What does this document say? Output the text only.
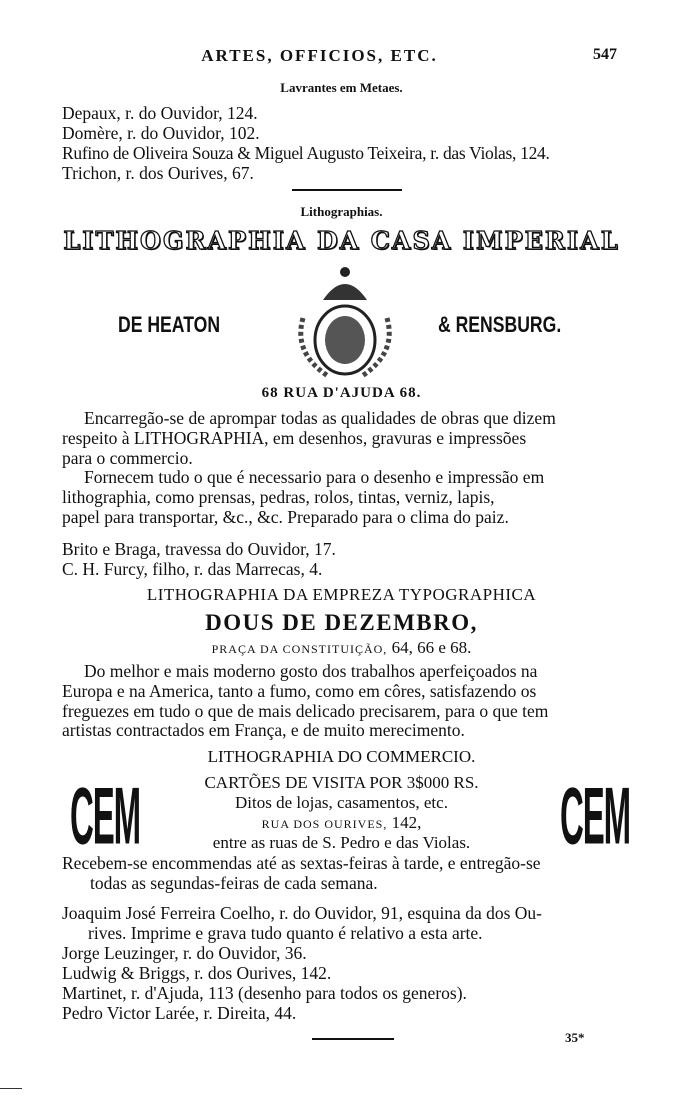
ARTES, OFFICIOS, ETC.	547
Lavrantes em Metaes.
Depaux, r. do Ouvidor, 124.
Domère, r. do Ouvidor, 102.
Rufino de Oliveira Souza & Miguel Augusto Teixeira, r. das Violas, 124.
Trichon, r. dos Ourives, 67.
Lithographias.
LITHOGRAPHIA DA CASA IMPERIAL
DE HEATON	& RENSBURG.
68 RUA D'AJUDA 68.
Encarregão-se de aprompar todas as qualidades de obras que dizem
respeito à LITHOGRAPHIA, em desenhos, gravuras e impressões
para o commercio.
Fornecem tudo o que é necessario para o desenho e impressão em
lithographia, como prensas, pedras, rolos, tintas, verniz, lapis,
papel para transportar, &c., &c. Preparado para o clima do paiz.
Brito e Braga, travessa do Ouvidor, 17.
C. H. Furcy, filho, r. das Marrecas, 4.
LITHOGRAPHIA DA EMPREZA TYPOGRAPHICA
DOUS DE DEZEMBRO,
PRAÇA DA CONSTITUIÇÃO, 64, 66 e 68.
Do melhor e mais moderno gosto dos trabalhos aperfeiçoados na
Europa e na America, tanto a fumo, como em côres, satisfazendo os
freguezes em tudo o que de mais delicado precisarem, para o que tem
artistas contractados em França, e de muito merecimento.
LITHOGRAPHIA DO COMMERCIO.
CEM	CEM
CARTÕES DE VISITA POR 3$000 RS.
Ditos de lojas, casamentos, etc.
RUA DOS OURIVES, 142,
entre as ruas de S. Pedro e das Violas.
Recebem-se encommendas até as sextas-feiras à tarde, e entregão-se
todas as segundas-feiras de cada semana.
Joaquim José Ferreira Coelho, r. do Ouvidor, 91, esquina da dos Ou-
rives. Imprime e grava tudo quanto é relativo a esta arte.
Jorge Leuzinger, r. do Ouvidor, 36.
Ludwig & Briggs, r. dos Ourives, 142.
Martinet, r. d'Ajuda, 113 (desenho para todos os generos).
Pedro Victor Larée, r. Direita, 44.
35*
